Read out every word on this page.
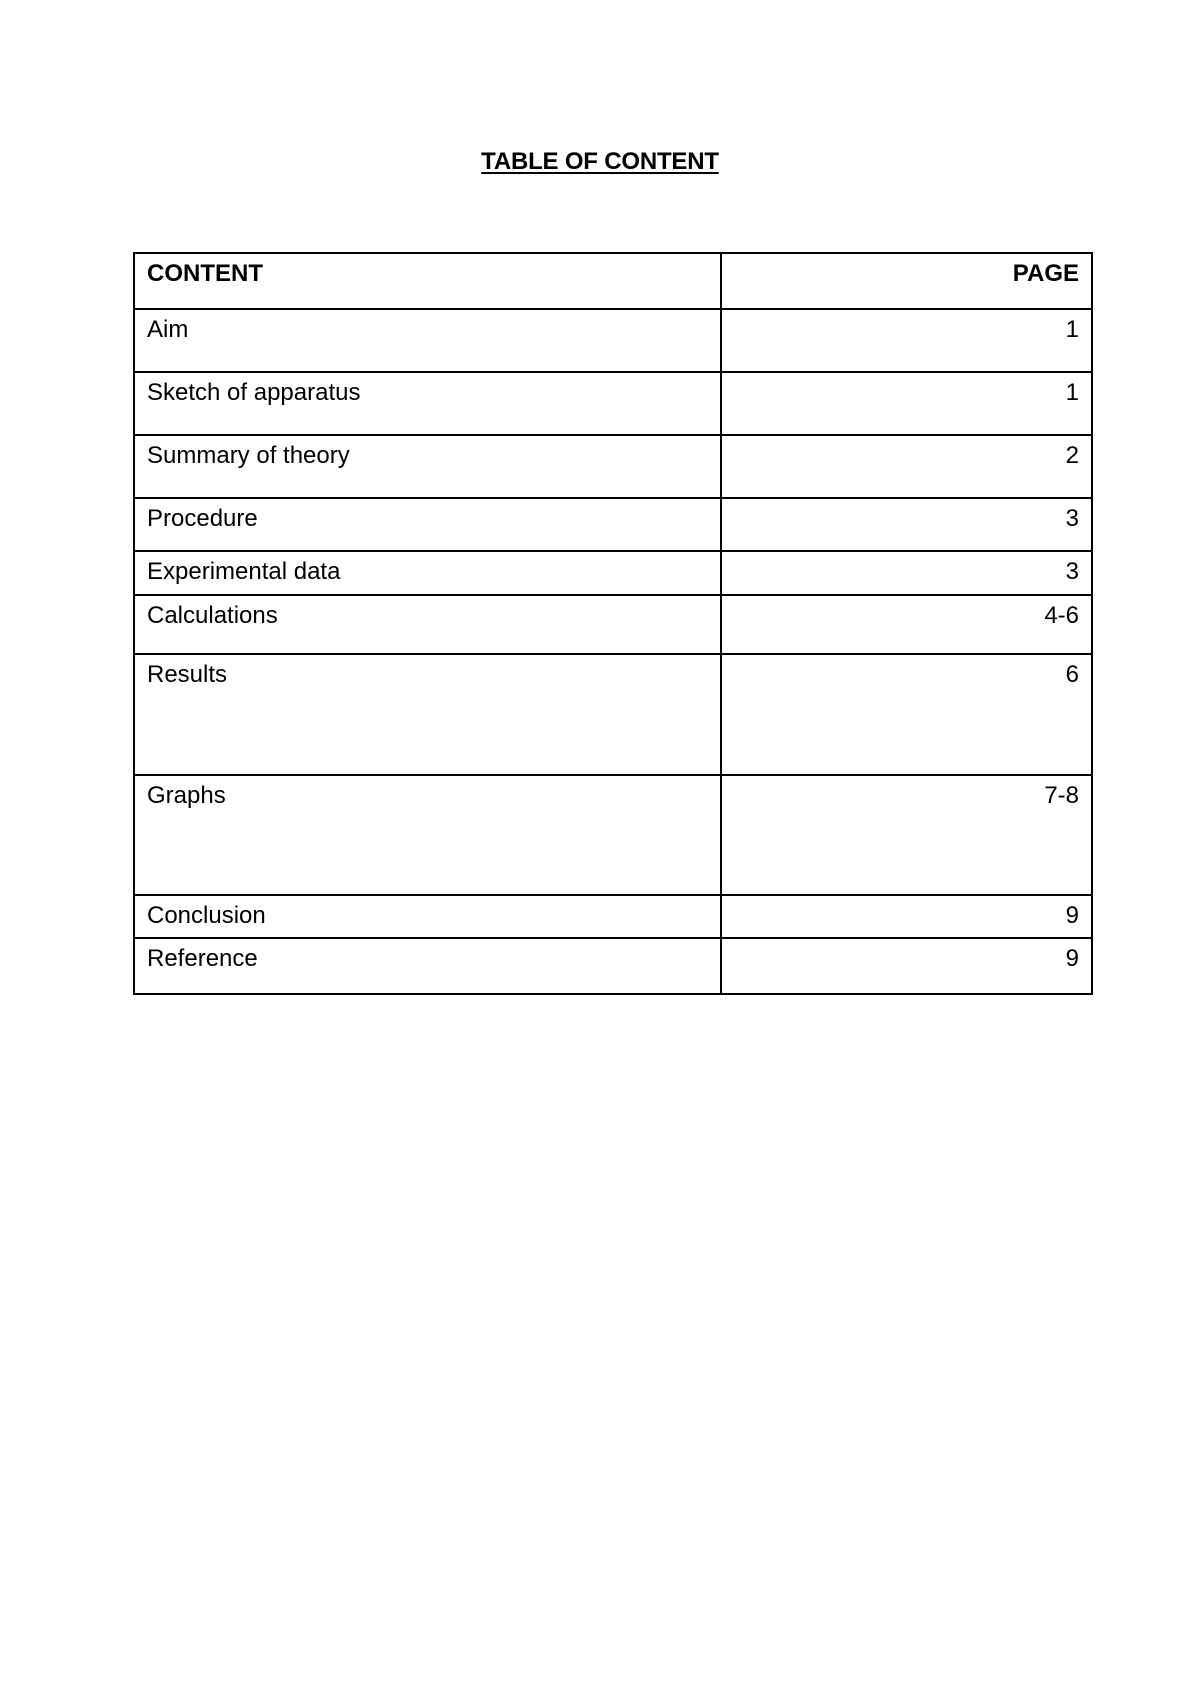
TABLE OF CONTENT
CONTENT	PAGE
Aim	1
Sketch of apparatus	1
Summary of theory	2
Procedure	3
Experimental data	3
Calculations	4-6
Results	6
Graphs	7-8
Conclusion	9
Reference	9
